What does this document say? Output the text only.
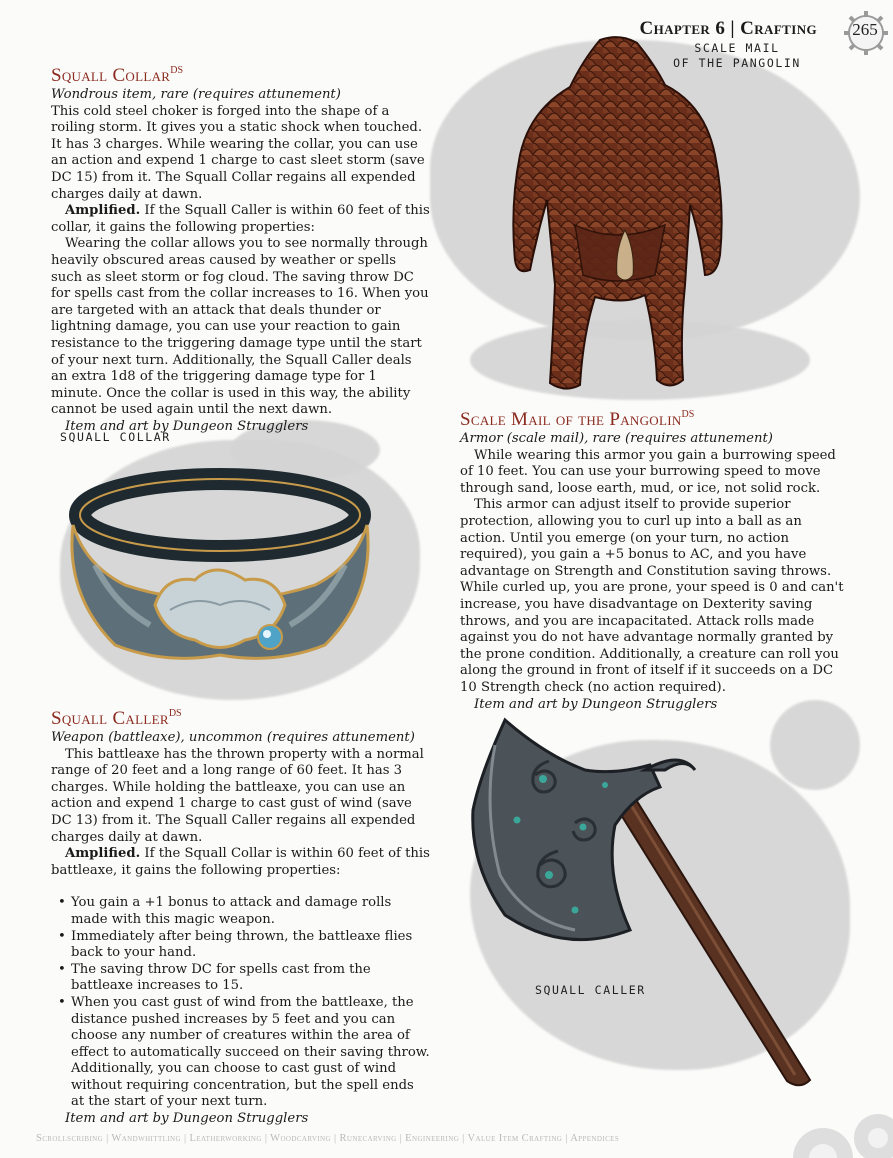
Chapter 6 | Crafting 265
SCALE MAIL
OF THE PANGOLIN
Squall Collar$^{DS}$

Wondrous item, rare (requires attunement)

This cold steel choker is forged into the shape of a roiling storm. It gives you a static shock when touched. It has 3 charges. While wearing the collar, you can use an action and expend 1 charge to cast sleet storm (save DC 15) from it. The Squall Collar regains all expended charges daily at dawn.

Amplified. If the Squall Caller is within 60 feet of this collar, it gains the following properties:

Wearing the collar allows you to see normally through heavily obscured areas caused by weather or spells such as sleet storm or fog cloud. The saving throw DC for spells cast from the collar increases to 16. When you are targeted with an attack that deals thunder or lightning damage, you can use your reaction to gain resistance to the triggering damage type until the start of your next turn. Additionally, the Squall Caller deals an extra 1d8 of the triggering damage type for 1 minute. Once the collar is used in this way, the ability cannot be used again until the next dawn.

Item and art by Dungeon Strugglers

SQUALL COLLAR
Squall Caller$^{DS}$

Weapon (battleaxe), uncommon (requires attunement)

This battleaxe has the thrown property with a normal range of 20 feet and a long range of 60 feet. It has 3 charges. While holding the battleaxe, you can use an action and expend 1 charge to cast gust of wind (save DC 13) from it. The Squall Caller regains all expended charges daily at dawn.

Amplified. If the Squall Collar is within 60 feet of this battleaxe, it gains the following properties:

• You gain a +1 bonus to attack and damage rolls made with this magic weapon.
• Immediately after being thrown, the battleaxe flies back to your hand.
• The saving throw DC for spells cast from the battleaxe increases to 15.
• When you cast gust of wind from the battleaxe, the distance pushed increases by 5 feet and you can choose any number of creatures within the area of effect to automatically succeed on their saving throw. Additionally, you can choose to cast gust of wind without requiring concentration, but the spell ends at the start of your next turn.

Item and art by Dungeon Strugglers

Scale Mail of the Pangolin$^{DS}$

Armor (scale mail), rare (requires attunement)

While wearing this armor you gain a burrowing speed of 10 feet. You can use your burrowing speed to move through sand, loose earth, mud, or ice, not solid rock.

This armor can adjust itself to provide superior protection, allowing you to curl up into a ball as an action. Until you emerge (on your turn, no action required), you gain a +5 bonus to AC, and you have advantage on Strength and Constitution saving throws. While curled up, you are prone, your speed is 0 and can't increase, you have disadvantage on Dexterity saving throws, and you are incapacitated. Attack rolls made against you do not have advantage normally granted by the prone condition. Additionally, a creature can roll you along the ground in front of itself if it succeeds on a DC 10 Strength check (no action required).

Item and art by Dungeon Strugglers

SQUALL CALLER
Scrollscribing | Wandwhittling | Leatherworking | Woodcarving | Runecarving | Engineering | Value Item Crafting | Appendices
